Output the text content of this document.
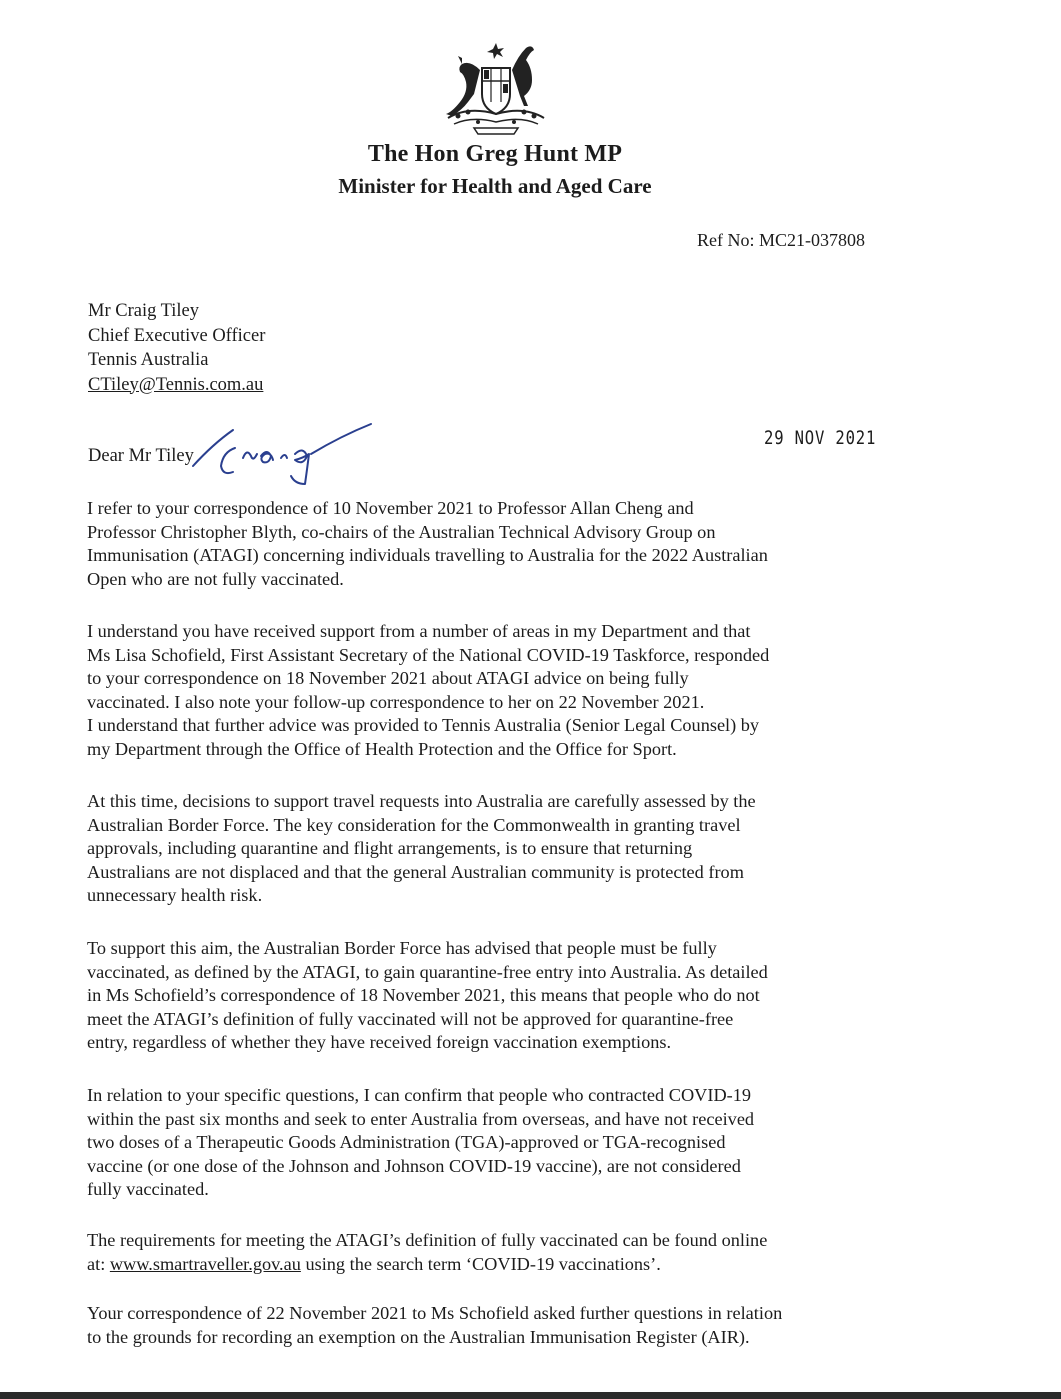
The Hon Greg Hunt MP
Minister for Health and Aged Care
Ref No: MC21-037808
Mr Craig Tiley
Chief Executive Officer
Tennis Australia
CTiley@Tennis.com.au
29 NOV 2021
Dear Mr Tiley
I refer to your correspondence of 10 November 2021 to Professor Allan Cheng and
Professor Christopher Blyth, co-chairs of the Australian Technical Advisory Group on
Immunisation (ATAGI) concerning individuals travelling to Australia for the 2022 Australian
Open who are not fully vaccinated.
I understand you have received support from a number of areas in my Department and that
Ms Lisa Schofield, First Assistant Secretary of the National COVID-19 Taskforce, responded
to your correspondence on 18 November 2021 about ATAGI advice on being fully
vaccinated. I also note your follow-up correspondence to her on 22 November 2021.
I understand that further advice was provided to Tennis Australia (Senior Legal Counsel) by
my Department through the Office of Health Protection and the Office for Sport.
At this time, decisions to support travel requests into Australia are carefully assessed by the
Australian Border Force. The key consideration for the Commonwealth in granting travel
approvals, including quarantine and flight arrangements, is to ensure that returning
Australians are not displaced and that the general Australian community is protected from
unnecessary health risk.
To support this aim, the Australian Border Force has advised that people must be fully
vaccinated, as defined by the ATAGI, to gain quarantine-free entry into Australia. As detailed
in Ms Schofield’s correspondence of 18 November 2021, this means that people who do not
meet the ATAGI’s definition of fully vaccinated will not be approved for quarantine-free
entry, regardless of whether they have received foreign vaccination exemptions.
In relation to your specific questions, I can confirm that people who contracted COVID-19
within the past six months and seek to enter Australia from overseas, and have not received
two doses of a Therapeutic Goods Administration (TGA)-approved or TGA-recognised
vaccine (or one dose of the Johnson and Johnson COVID-19 vaccine), are not considered
fully vaccinated.
The requirements for meeting the ATAGI’s definition of fully vaccinated can be found online
at: www.smartraveller.gov.au using the search term ‘COVID-19 vaccinations’.
Your correspondence of 22 November 2021 to Ms Schofield asked further questions in relation
to the grounds for recording an exemption on the Australian Immunisation Register (AIR).
